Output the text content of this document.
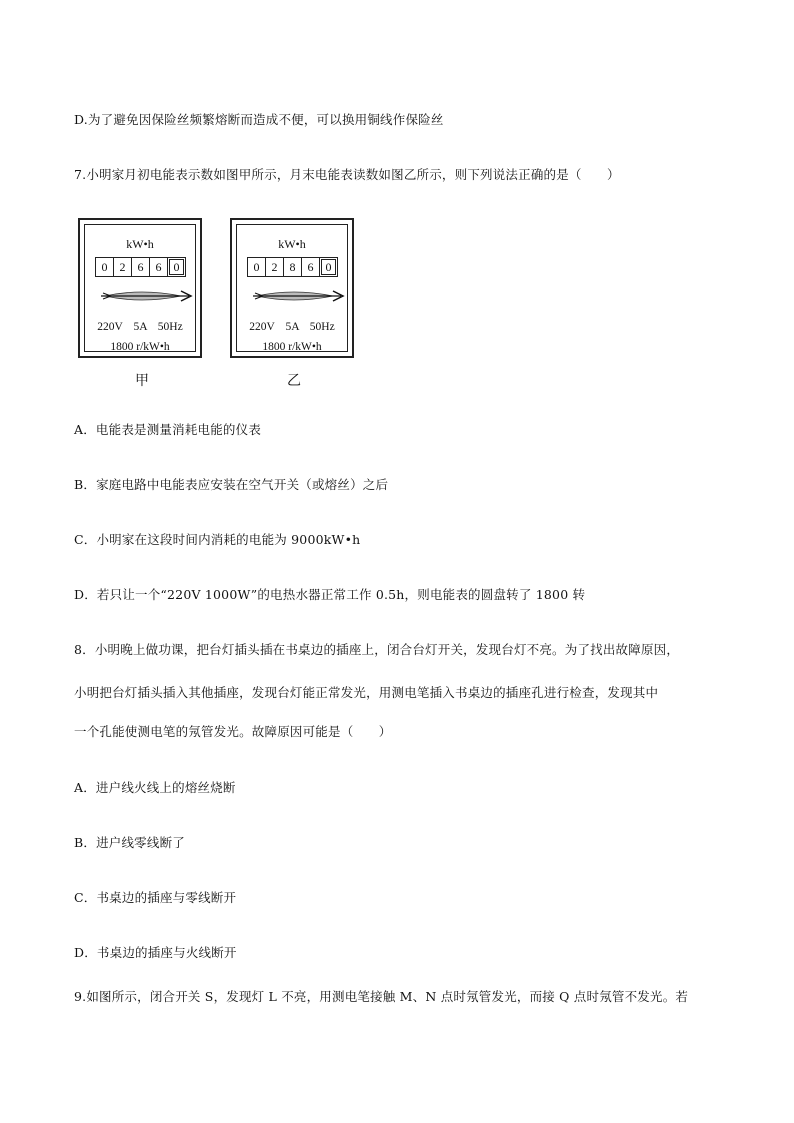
D.为了避免因保险丝频繁熔断而造成不便，可以换用铜线作保险丝
7.小明家月初电能表示数如图甲所示，月末电能表读数如图乙所示，则下列说法正确的是（　　）
kW•h
0	2	6	6	0
220V 5A 50Hz
1800 r/kW•h
甲
kW•h
0	2	8	6	0
220V 5A 50Hz
1800 r/kW•h
乙
A．电能表是测量消耗电能的仪表
B．家庭电路中电能表应安装在空气开关（或熔丝）之后
C．小明家在这段时间内消耗的电能为 9000kW•h
D．若只让一个“220V 1000W”的电热水器正常工作 0.5h，则电能表的圆盘转了 1800 转
8．小明晚上做功课，把台灯插头插在书桌边的插座上，闭合台灯开关，发现台灯不亮。为了找出故障原因，
小明把台灯插头插入其他插座，发现台灯能正常发光，用测电笔插入书桌边的插座孔进行检查，发现其中
一个孔能使测电笔的氖管发光。故障原因可能是（　　）
A．进户线火线上的熔丝烧断
B．进户线零线断了
C．书桌边的插座与零线断开
D．书桌边的插座与火线断开
9.如图所示，闭合开关 S，发现灯 L 不亮，用测电笔接触 M、N 点时氖管发光，而接 Q 点时氖管不发光。若
